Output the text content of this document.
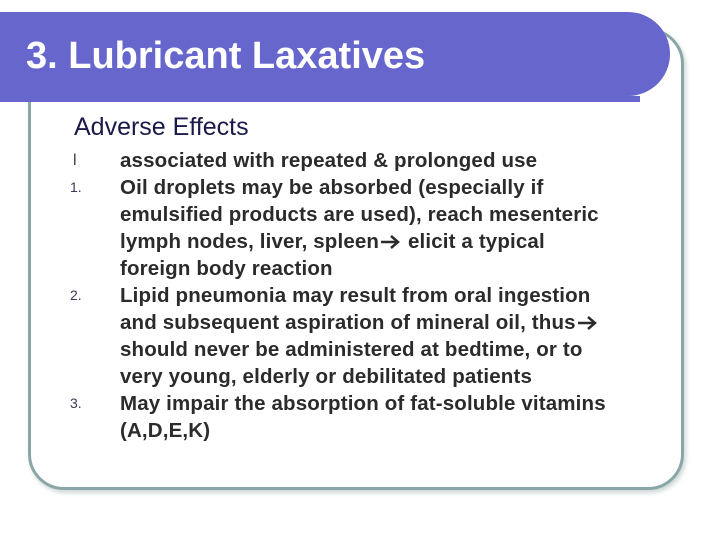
3. Lubricant Laxatives
Adverse Effects
l associated with repeated & prolonged use
1. Oil droplets may be absorbed (especially if
emulsified products are used), reach mesenteric
lymph nodes, liver, spleen elicit a typical
foreign body reaction
2. Lipid pneumonia may result from oral ingestion
and subsequent aspiration of mineral oil, thus
should never be administered at bedtime, or to
very young, elderly or debilitated patients
3. May impair the absorption of fat-soluble vitamins
(A,D,E,K)
